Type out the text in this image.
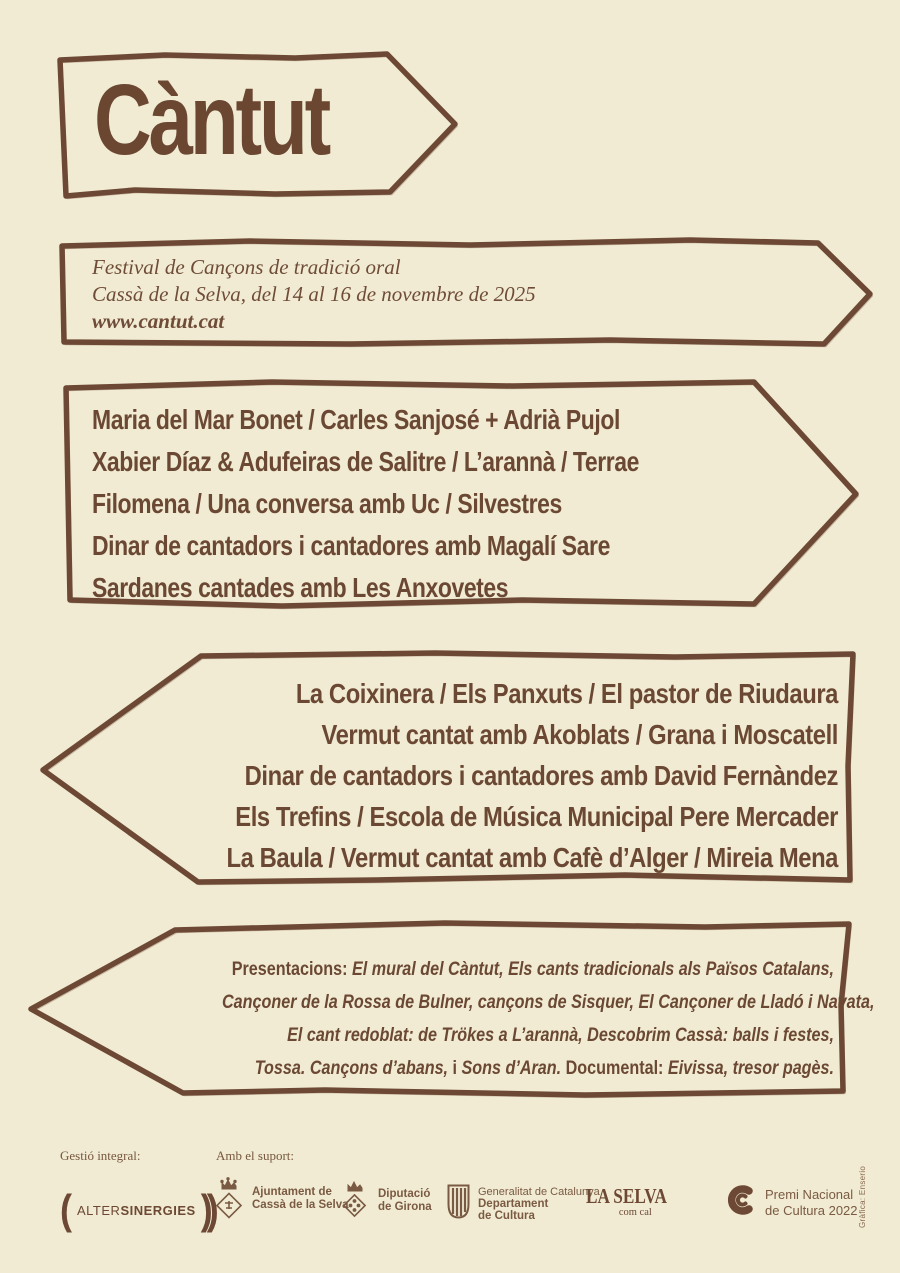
Càntut
Festival de Cançons de tradició oral
Cassà de la Selva, del 14 al 16 de novembre de 2025
www.cantut.cat
Maria del Mar Bonet / Carles Sanjosé + Adrià Pujol
Xabier Díaz & Adufeiras de Salitre / L’arannà / Terrae
Filomena / Una conversa amb Uc / Silvestres
Dinar de cantadors i cantadores amb Magalí Sare
Sardanes cantades amb Les Anxovetes
La Coixinera / Els Panxuts / El pastor de Riudaura
Vermut cantat amb Akoblats / Grana i Moscatell
Dinar de cantadors i cantadores amb David Fernàndez
Els Trefins / Escola de Música Municipal Pere Mercader
La Baula / Vermut cantat amb Cafè d’Alger / Mireia Mena
Presentacions: El mural del Càntut, Els cants tradicionals als Països Catalans,
Cançoner de la Rossa de Bulner, cançons de Sisquer, El Cançoner de Lladó i Navata,
El cant redoblat: de Trökes a L’arannà, Descobrim Cassà: balls i festes,
Tossa. Cançons d’abans, i Sons d’Aran. Documental: Eivissa, tresor pagès.
Gestió integral:	Amb el suport:
( ALTERSINERGIES ))	Ajuntament de
Cassà de la Selva
Diputació
de Girona
Generalitat de Catalunya
Departament
de Cultura
LA SELVA
com cal
Premi Nacional
de Cultura 2022 Gràfica: Enserio
